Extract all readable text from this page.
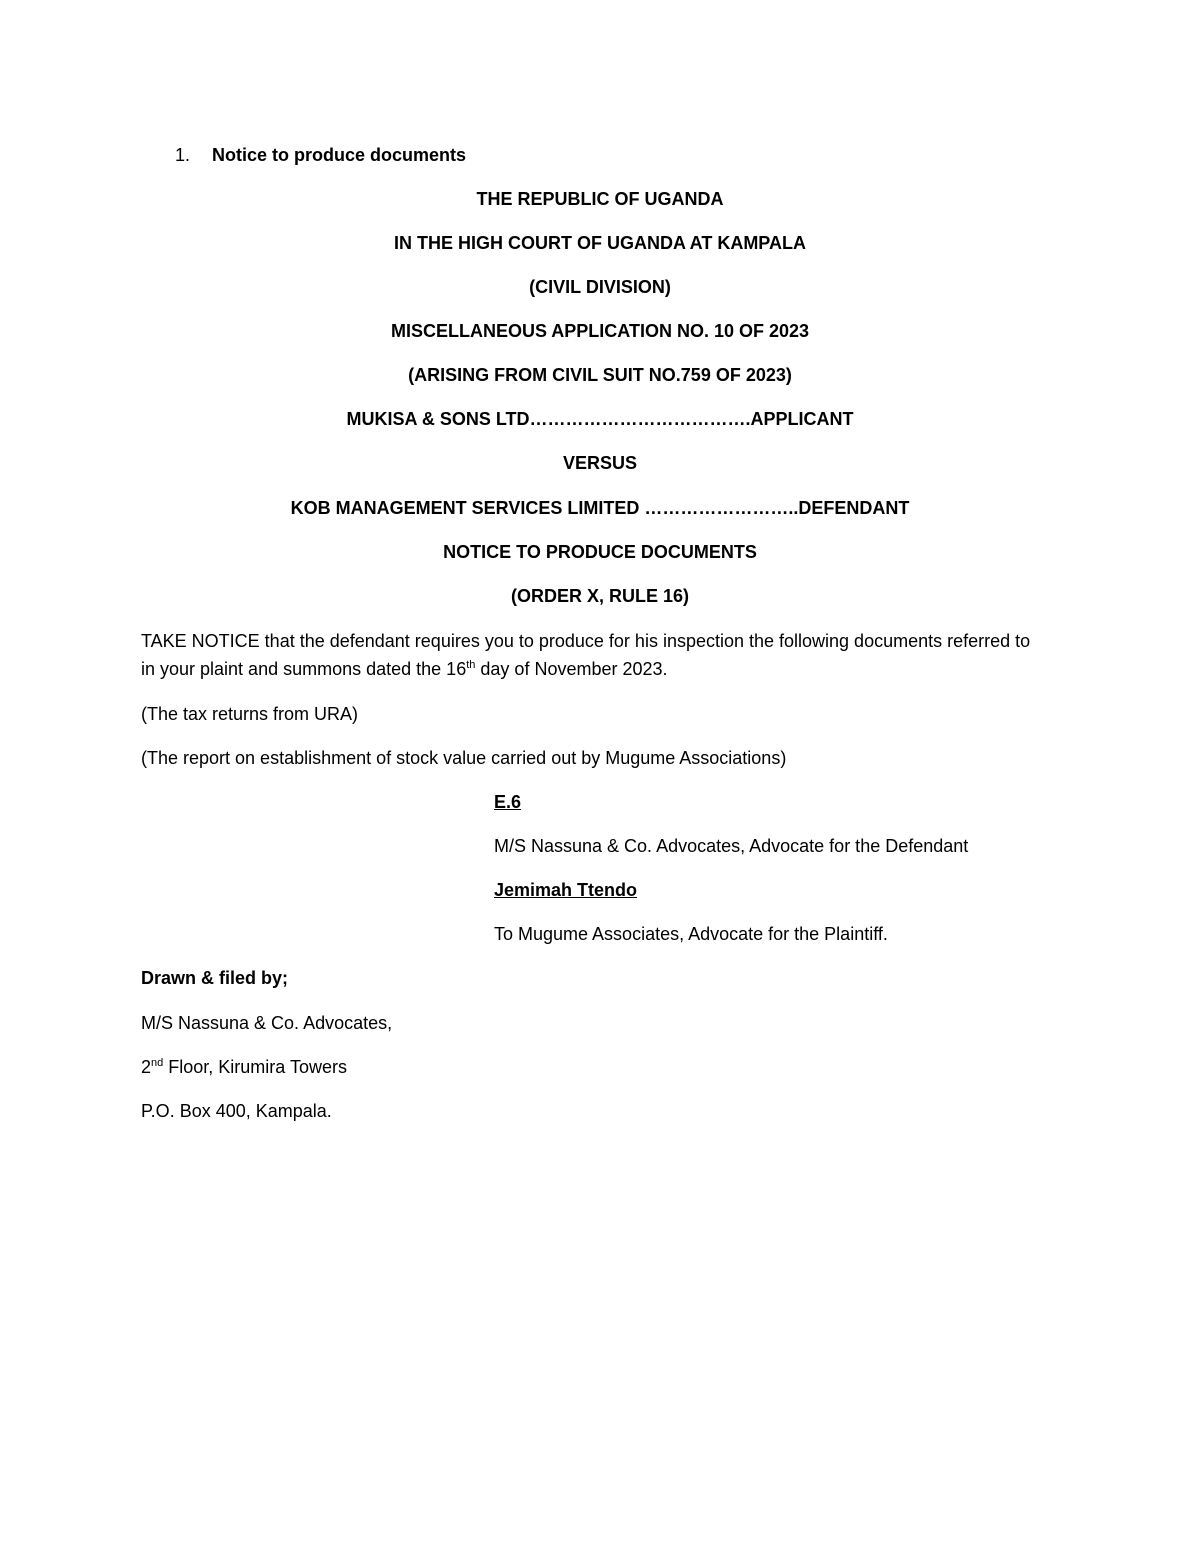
1. Notice to produce documents
THE REPUBLIC OF UGANDA
IN THE HIGH COURT OF UGANDA AT KAMPALA
(CIVIL DIVISION)
MISCELLANEOUS APPLICATION NO. 10 OF 2023
(ARISING FROM CIVIL SUIT NO.759 OF 2023)
MUKISA & SONS LTD……………………………….APPLICANT
VERSUS
KOB MANAGEMENT SERVICES LIMITED ……………………..DEFENDANT
NOTICE TO PRODUCE DOCUMENTS
(ORDER X, RULE 16)
TAKE NOTICE that the defendant requires you to produce for his inspection the following documents referred to in your plaint and summons dated the 16th day of November 2023.
(The tax returns from URA)
(The report on establishment of stock value carried out by Mugume Associations)
E.6
M/S Nassuna & Co. Advocates, Advocate for the Defendant
Jemimah Ttendo
To Mugume Associates, Advocate for the Plaintiff.
Drawn & filed by;
M/S Nassuna & Co. Advocates,
2nd Floor, Kirumira Towers
P.O. Box 400, Kampala.
